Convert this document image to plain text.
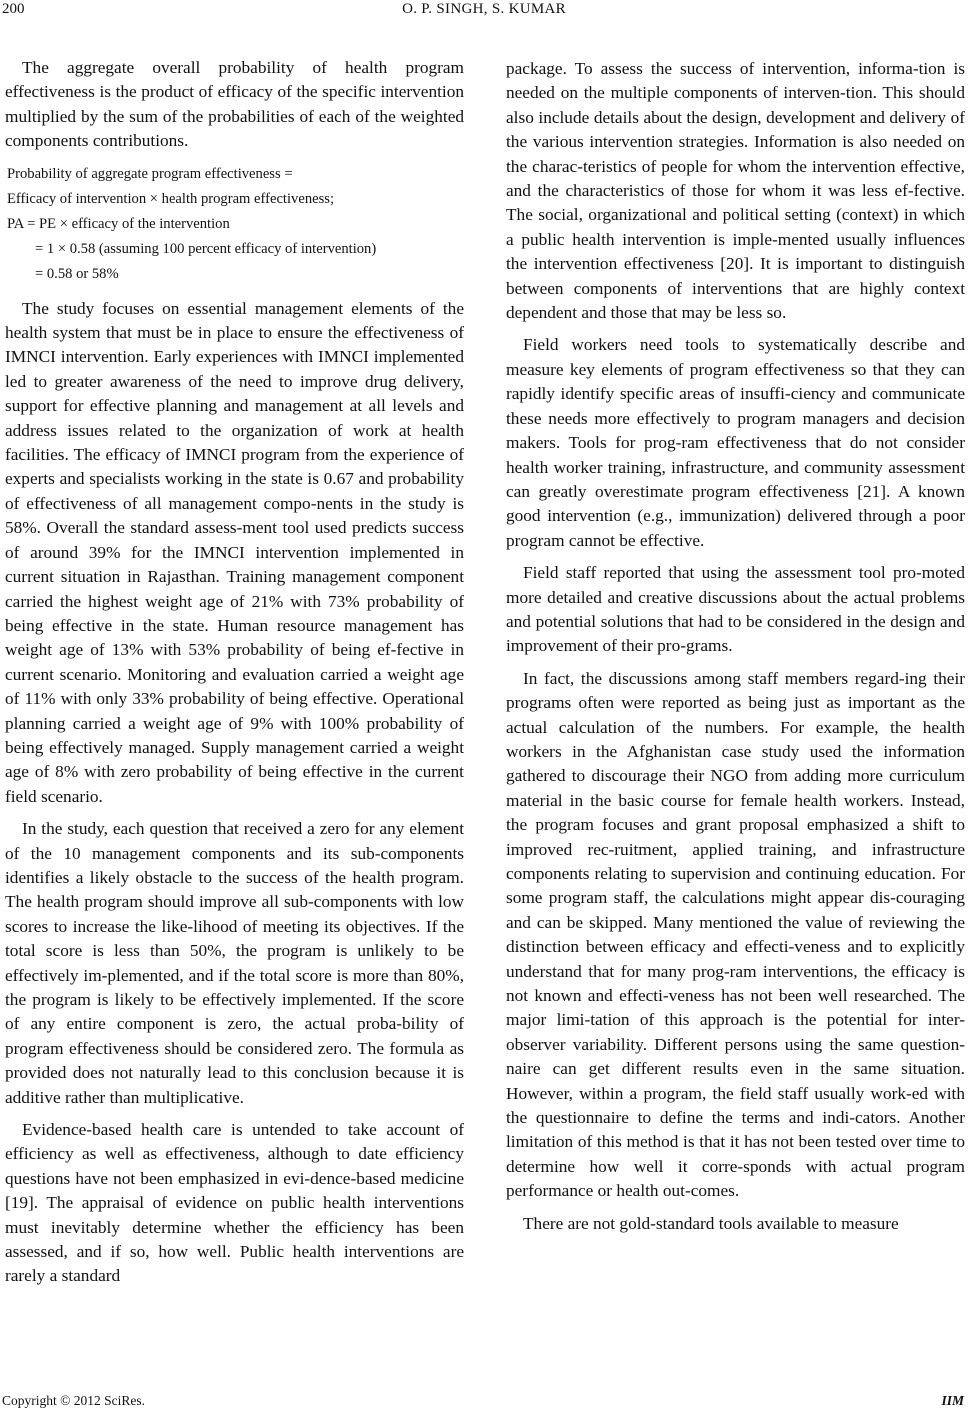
200	O. P. SINGH, S. KUMAR

The aggregate overall probability of health program effectiveness is the product of efficacy of the specific intervention multiplied by the sum of the probabilities of each of the weighted components contributions.

Probability of aggregate program effectiveness =
Efficacy of intervention × health program effectiveness;
PA = PE × efficacy of the intervention
= 1 × 0.58 (assuming 100 percent efficacy of intervention)
= 0.58 or 58%

The study focuses on essential management elements of the health system that must be in place to ensure the effectiveness of IMNCI intervention. Early experiences with IMNCI implemented led to greater awareness of the need to improve drug delivery, support for effective planning and management at all levels and address issues related to the organization of work at health facilities. The efficacy of IMNCI program from the experience of experts and specialists working in the state is 0.67 and probability of effectiveness of all management compo-nents in the study is 58%. Overall the standard assess-ment tool used predicts success of around 39% for the IMNCI intervention implemented in current situation in Rajasthan. Training management component carried the highest weight age of 21% with 73% probability of being effective in the state. Human resource management has weight age of 13% with 53% probability of being ef-fective in current scenario. Monitoring and evaluation carried a weight age of 11% with only 33% probability of being effective. Operational planning carried a weight age of 9% with 100% probability of being effectively managed. Supply management carried a weight age of 8% with zero probability of being effective in the current field scenario.

In the study, each question that received a zero for any element of the 10 management components and its sub-components identifies a likely obstacle to the success of the health program. The health program should improve all sub-components with low scores to increase the like-lihood of meeting its objectives. If the total score is less than 50%, the program is unlikely to be effectively im-plemented, and if the total score is more than 80%, the program is likely to be effectively implemented. If the score of any entire component is zero, the actual proba-bility of program effectiveness should be considered zero. The formula as provided does not naturally lead to this conclusion because it is additive rather than multiplicative.

Evidence-based health care is untended to take account of efficiency as well as effectiveness, although to date efficiency questions have not been emphasized in evi-dence-based medicine [19]. The appraisal of evidence on public health interventions must inevitably determine whether the efficiency has been assessed, and if so, how well. Public health interventions are rarely a standard

package. To assess the success of intervention, informa-tion is needed on the multiple components of interven-tion. This should also include details about the design, development and delivery of the various intervention strategies. Information is also needed on the charac-teristics of people for whom the intervention effective, and the characteristics of those for whom it was less ef-fective. The social, organizational and political setting (context) in which a public health intervention is imple-mented usually influences the intervention effectiveness [20]. It is important to distinguish between components of interventions that are highly context dependent and those that may be less so.

Field workers need tools to systematically describe and measure key elements of program effectiveness so that they can rapidly identify specific areas of insuffi-ciency and communicate these needs more effectively to program managers and decision makers. Tools for prog-ram effectiveness that do not consider health worker training, infrastructure, and community assessment can greatly overestimate program effectiveness [21]. A known good intervention (e.g., immunization) delivered through a poor program cannot be effective.

Field staff reported that using the assessment tool pro-moted more detailed and creative discussions about the actual problems and potential solutions that had to be considered in the design and improvement of their pro-grams.

In fact, the discussions among staff members regard-ing their programs often were reported as being just as important as the actual calculation of the numbers. For example, the health workers in the Afghanistan case study used the information gathered to discourage their NGO from adding more curriculum material in the basic course for female health workers. Instead, the program focuses and grant proposal emphasized a shift to improved rec-ruitment, applied training, and infrastructure components relating to supervision and continuing education. For some program staff, the calculations might appear dis-couraging and can be skipped. Many mentioned the value of reviewing the distinction between efficacy and effecti-veness and to explicitly understand that for many prog-ram interventions, the efficacy is not known and effecti-veness has not been well researched. The major limi-tation of this approach is the potential for inter-observer variability. Different persons using the same question-naire can get different results even in the same situation. However, within a program, the field staff usually work-ed with the questionnaire to define the terms and indi-cators. Another limitation of this method is that it has not been tested over time to determine how well it corre-sponds with actual program performance or health out-comes.

There are not gold-standard tools available to measure

Copyright © 2012 SciRes.	IIM
